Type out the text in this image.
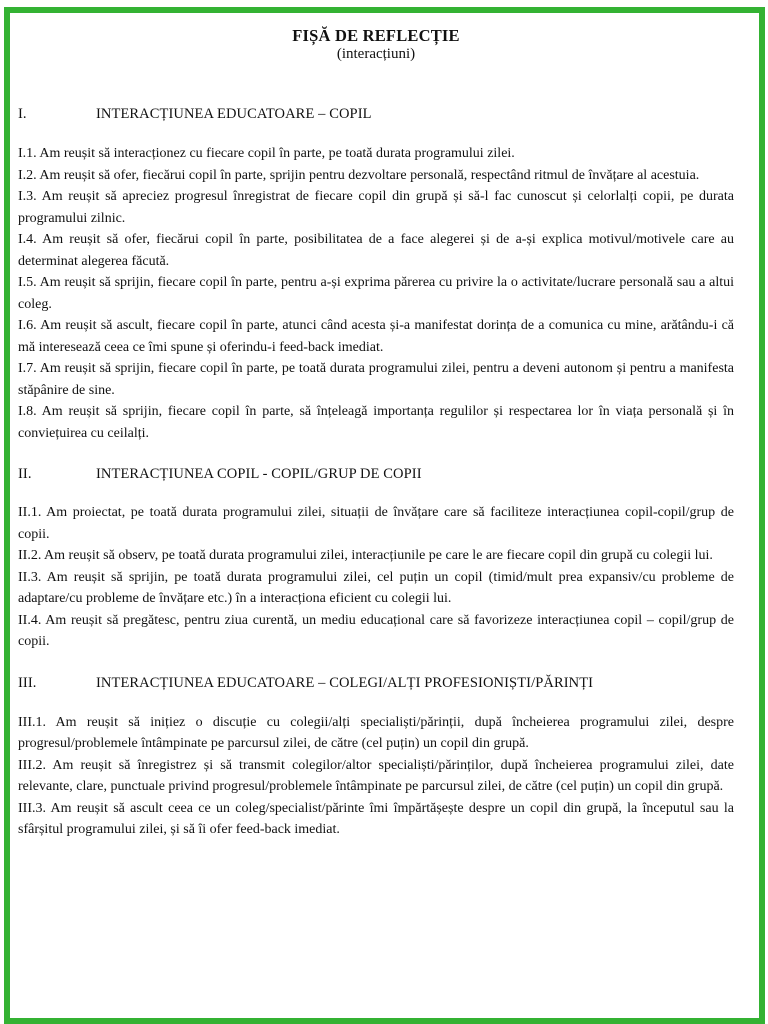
FIȘĂ DE REFLECȚIE
(interacțiuni)
I.	INTERACȚIUNEA EDUCATOARE – COPIL

I.1. Am reușit să interacționez cu fiecare copil în parte, pe toată durata programului zilei.

I.2. Am reușit să ofer, fiecărui copil în parte, sprijin pentru dezvoltare personală, respectând ritmul de învățare al acestuia.

I.3. Am reușit să apreciez progresul înregistrat de fiecare copil din grupă și să-l fac cunoscut și celorlalți copii, pe durata programului zilnic.

I.4. Am reușit să ofer, fiecărui copil în parte, posibilitatea de a face alegerei și de a-și explica motivul/motivele care au determinat alegerea făcută.

I.5. Am reușit să sprijin, fiecare copil în parte, pentru a-și exprima părerea cu privire la o activitate/lucrare personală sau a altui coleg.

I.6. Am reușit să ascult, fiecare copil în parte, atunci când acesta și-a manifestat dorința de a comunica cu mine, arătându-i că mă interesează ceea ce îmi spune și oferindu-i feed-back imediat.

I.7. Am reușit să sprijin, fiecare copil în parte, pe toată durata programului zilei, pentru a deveni autonom și pentru a manifesta stăpânire de sine.

I.8. Am reușit să sprijin, fiecare copil în parte, să înțeleagă importanța regulilor și respectarea lor în viața personală și în conviețuirea cu ceilalți.

II.	INTERACȚIUNEA COPIL - COPIL/GRUP DE COPII

II.1. Am proiectat, pe toată durata programului zilei, situații de învățare care să faciliteze interacțiunea copil-copil/grup de copii.

II.2. Am reușit să observ, pe toată durata programului zilei, interacțiunile pe care le are fiecare copil din grupă cu colegii lui.

II.3. Am reușit să sprijin, pe toată durata programului zilei, cel puțin un copil (timid/mult prea expansiv/cu probleme de adaptare/cu probleme de învățare etc.) în a interacționa eficient cu colegii lui.

II.4. Am reușit să pregătesc, pentru ziua curentă, un mediu educațional care să favorizeze interacțiunea copil – copil/grup de copii.

III.	INTERACȚIUNEA EDUCATOARE – COLEGI/ALȚI PROFESIONIȘTI/PĂRINȚI

III.1. Am reușit să inițiez o discuție cu colegii/alți specialiști/părinții, după încheierea programului zilei, despre progresul/problemele întâmpinate pe parcursul zilei, de către (cel puțin) un copil din grupă.

III.2. Am reușit să înregistrez și să transmit colegilor/altor specialiști/părinților, după încheierea programului zilei, date relevante, clare, punctuale privind progresul/problemele întâmpinate pe parcursul zilei, de către (cel puțin) un copil din grupă.

III.3. Am reușit să ascult ceea ce un coleg/specialist/părinte îmi împărtășește despre un copil din grupă, la începutul sau la sfârșitul programului zilei, și să îi ofer feed-back imediat.
